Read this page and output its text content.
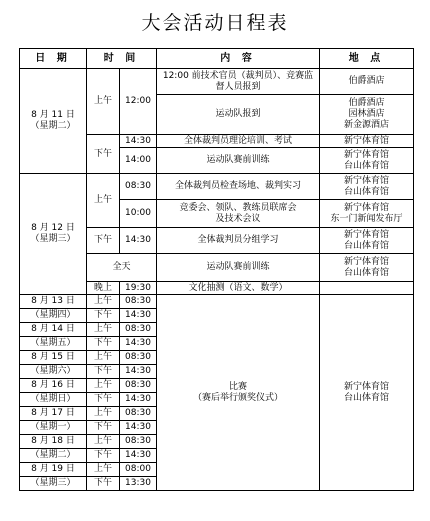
大会活动日程表
日 期	时 间		内 容	地 点
8 月 11 日
（星期二）	上午	12:00	12:00 前技术官员（裁判员）、竞赛监
督人员报到	伯爵酒店
			运动队报到	伯爵酒店
园林酒店
新金源酒店
	下午	14:30	全体裁判员理论培训、考试	新宁体育馆
		14:00	运动队赛前训练	新宁体育馆
台山体育馆
8 月 12 日
（星期三）	上午	08:30	全体裁判员检查场地、裁判实习	新宁体育馆
台山体育馆
		10:00	竞委会、领队、教练员联席会
及技术会议	新宁体育馆
东一门新闻发布厅
	下午	14:30	全体裁判员分组学习	新宁体育馆
台山体育馆
	全天		运动队赛前训练	新宁体育馆
台山体育馆
	晚上	19:30	文化抽测（语文、数学）	
8 月 13 日	上午	08:30	比赛
（赛后举行颁奖仪式）	新宁体育馆
台山体育馆
（星期四）	下午	14:30		
8 月 14 日	上午	08:30		
（星期五）	下午	14:30		
8 月 15 日	上午	08:30		
（星期六）	下午	14:30		
8 月 16 日	上午	08:30		
（星期日）	下午	14:30		
8 月 17 日	上午	08:30		
（星期一）	下午	14:30		
8 月 18 日	上午	08:30		
（星期二）	下午	14:30		
8 月 19 日	上午	08:00		
（星期三）	下午	13:30		
